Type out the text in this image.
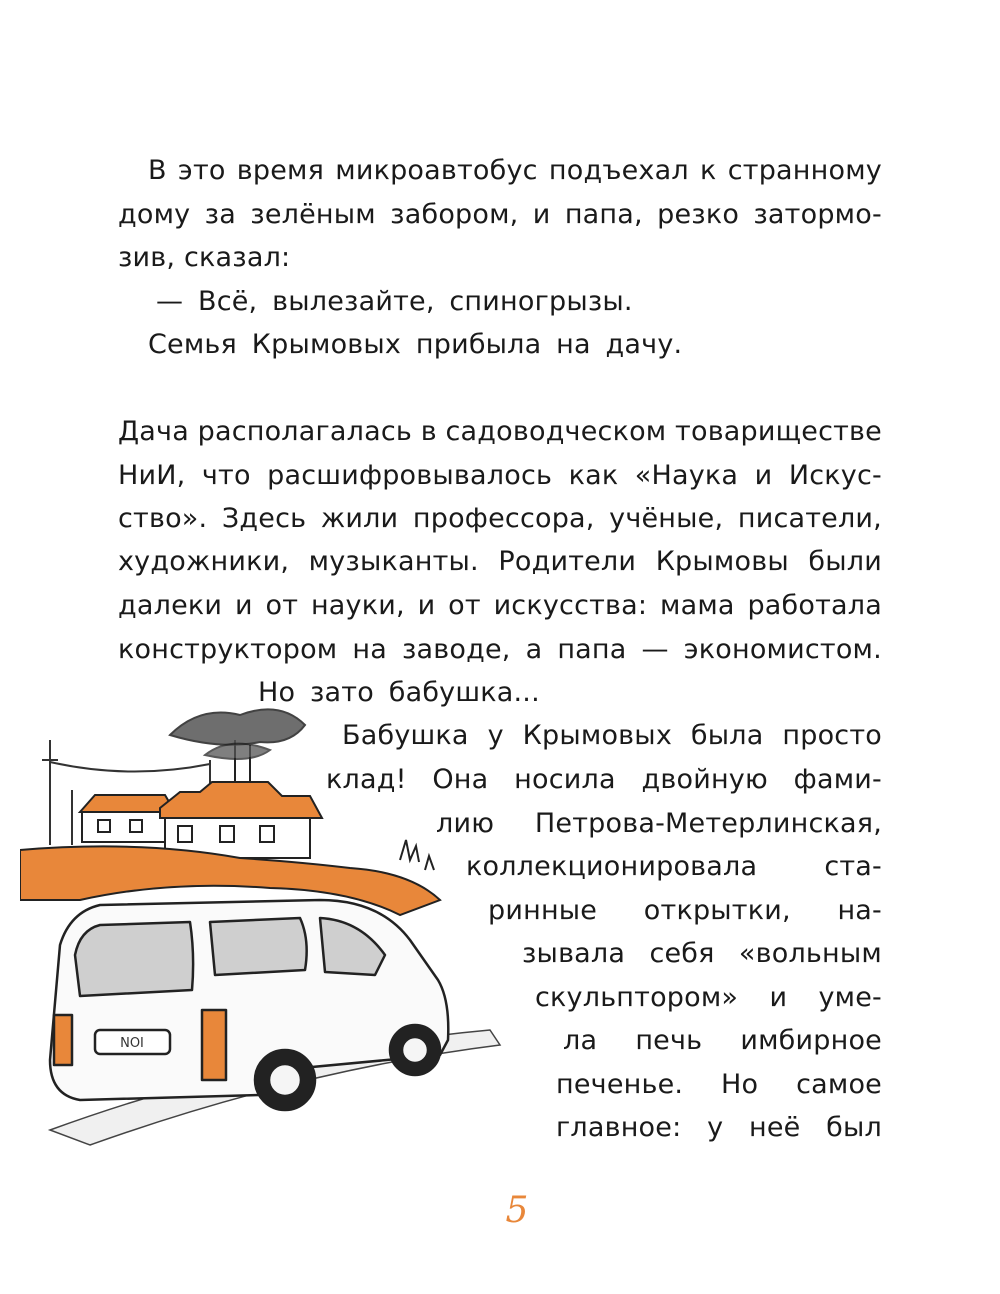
В это время микроавтобус подъехал к странному
дому за зелёным забором, и папа, резко затормо-
зив, сказал:
— Всё, вылезайте, спиногрызы.
Семья Крымовых прибыла на дачу.
Дача располагалась в садоводческом товариществе
НиИ, что расшифровывалось как «Наука и Искус-
ство». Здесь жили профессора, учёные, писатели,
художники, музыканты. Родители Крымовы были
далеки и от науки, и от искусства: мама работала
конструктором на заводе, а папа — экономистом.
Но зато бабушка...
Бабушка у Крымовых была просто
клад! Она носила двойную фами-
лию Петрова-Метерлинская,
коллекционировала ста-
ринные открытки, на-
зывала себя «вольным
скульптором» и уме-
ла печь имбирное
печенье. Но самое
главное: у неё был
NOI
5
